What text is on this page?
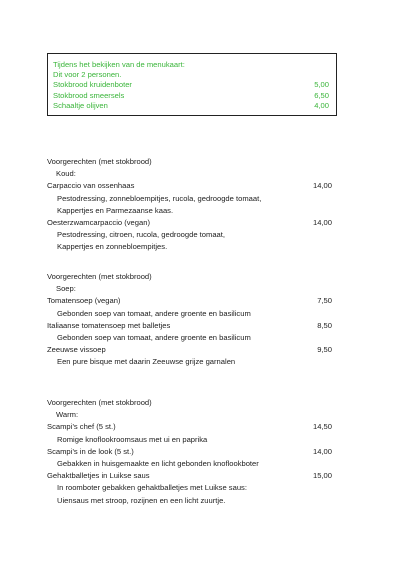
Tijdens het bekijken van de menukaart:
Dit voor 2 personen.
Stokbrood kruidenboter	5,00
Stokbrood smeersels	6,50
Schaaltje olijven	4,00
Voorgerechten (met stokbrood)
Koud:
Carpaccio van ossenhaas	14,00
Pestodressing, zonnebloempitjes, rucola, gedroogde tomaat,
Kappertjes en Parmezaanse kaas.
Oesterzwamcarpaccio (vegan)	14,00
Pestodressing, citroen, rucola, gedroogde tomaat,
Kappertjes en zonnebloempitjes.
Voorgerechten (met stokbrood)
Soep:
Tomatensoep (vegan)	7,50
Gebonden soep van tomaat, andere groente en basilicum
Italiaanse tomatensoep met balletjes	8,50
Gebonden soep van tomaat, andere groente en basilicum
Zeeuwse vissoep	9,50
Een pure bisque met daarin Zeeuwse grijze garnalen
Voorgerechten (met stokbrood)
Warm:
Scampi’s chef (5 st.)	14,50
Romige knoflookroomsaus met ui en paprika
Scampi’s in de look (5 st.)	14,00
Gebakken in huisgemaakte en licht gebonden knoflookboter
Gehaktballetjes in Luikse saus	15,00
In roomboter gebakken gehaktballetjes met Luikse saus:
Uiensaus met stroop, rozijnen en een licht zuurtje.
